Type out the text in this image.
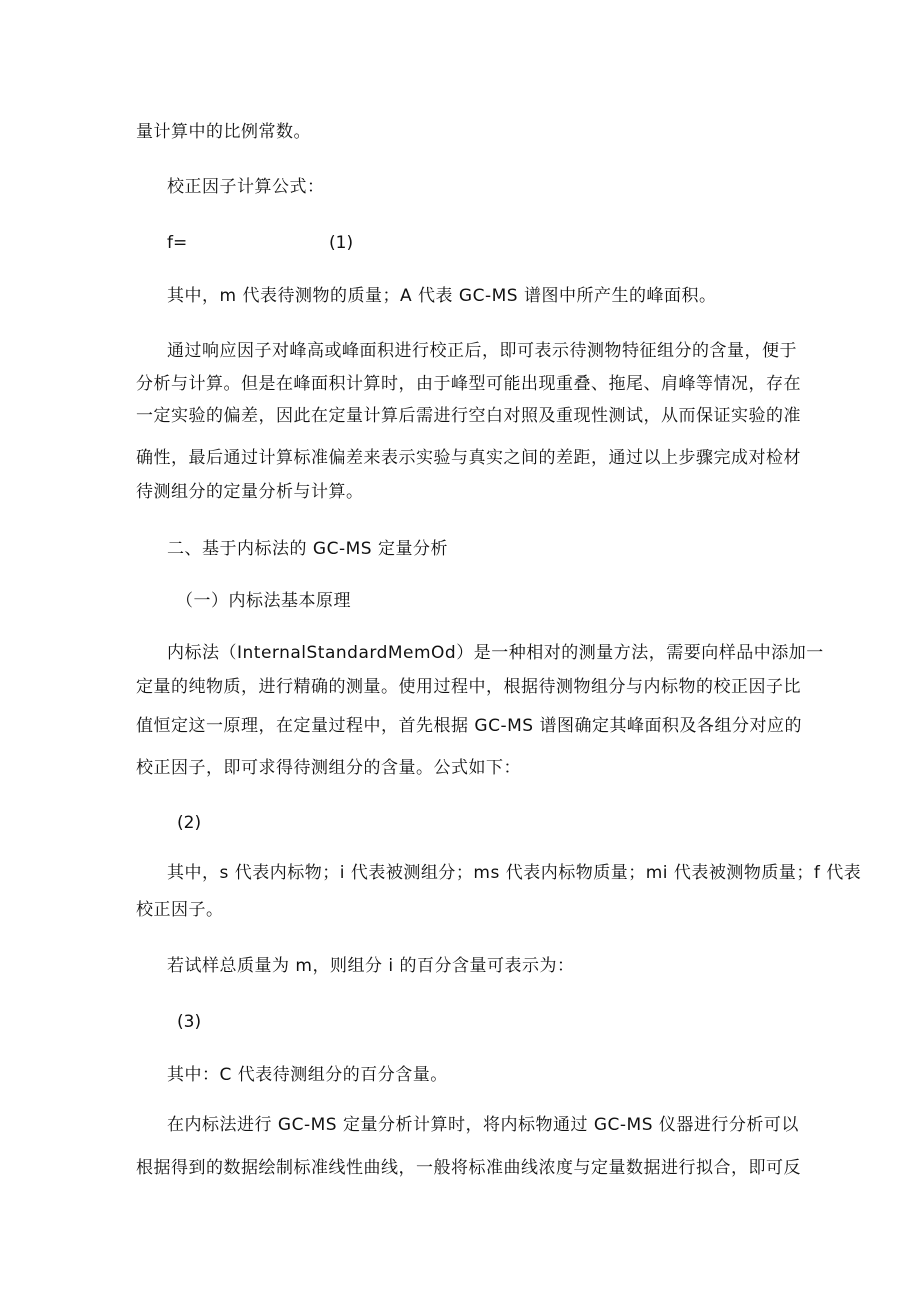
量计算中的比例常数。
校正因子计算公式：
f=	(1)
其中，m 代表待测物的质量；A 代表 GC-MS 谱图中所产生的峰面积。
通过响应因子对峰高或峰面积进行校正后，即可表示待测物特征组分的含量，便于
分析与计算。但是在峰面积计算时，由于峰型可能出现重叠、拖尾、肩峰等情况，存在
一定实验的偏差，因此在定量计算后需进行空白对照及重现性测试，从而保证实验的准
确性，最后通过计算标准偏差来表示实验与真实之间的差距，通过以上步骤完成对检材
待测组分的定量分析与计算。
二、基于内标法的 GC-MS 定量分析
（一）内标法基本原理
内标法（InternalStandardMemOd）是一种相对的测量方法，需要向样品中添加一
定量的纯物质，进行精确的测量。使用过程中，根据待测物组分与内标物的校正因子比
值恒定这一原理，在定量过程中，首先根据 GC-MS 谱图确定其峰面积及各组分对应的
校正因子，即可求得待测组分的含量。公式如下：
(2)
其中，s 代表内标物；i 代表被测组分；ms 代表内标物质量；mi 代表被测物质量；f 代表
校正因子。
若试样总质量为 m，则组分 i 的百分含量可表示为：
(3)
其中：C 代表待测组分的百分含量。
在内标法进行 GC-MS 定量分析计算时，将内标物通过 GC-MS 仪器进行分析可以
根据得到的数据绘制标准线性曲线，一般将标准曲线浓度与定量数据进行拟合，即可反
